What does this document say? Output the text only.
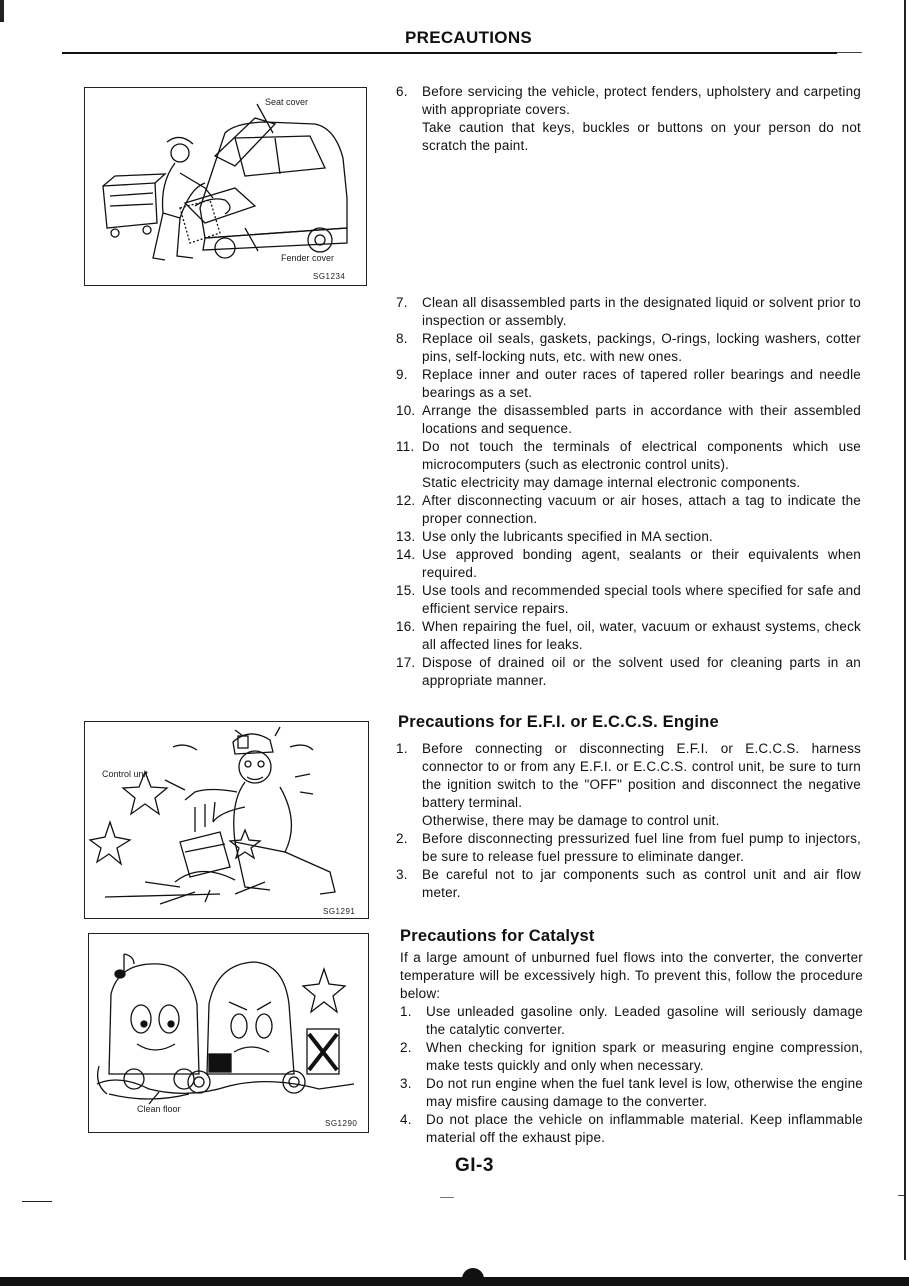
PRECAUTIONS
Seat cover
Fender cover
SG1234
6. Before servicing the vehicle, protect fenders, upholstery and carpeting with appropriate covers.

Take caution that keys, buckles or buttons on your person do not scratch the paint.

7. Clean all disassembled parts in the designated liquid or solvent prior to inspection or assembly.

8. Replace oil seals, gaskets, packings, O-rings, locking washers, cotter pins, self-locking nuts, etc. with new ones.

9. Replace inner and outer races of tapered roller bearings and needle bearings as a set.

10. Arrange the disassembled parts in accordance with their assembled locations and sequence.

11. Do not touch the terminals of electrical components which use microcomputers (such as electronic control units).

Static electricity may damage internal electronic components.

12. After disconnecting vacuum or air hoses, attach a tag to indicate the proper connection.

13. Use only the lubricants specified in MA section.

14. Use approved bonding agent, sealants or their equivalents when required.

15. Use tools and recommended special tools where specified for safe and efficient service repairs.

16. When repairing the fuel, oil, water, vacuum or exhaust systems, check all affected lines for leaks.

17. Dispose of drained oil or the solvent used for cleaning parts in an appropriate manner.

Control unit
SG1291
Clean floor
SG1290
Precautions for E.F.I. or E.C.C.S. Engine
1. Before connecting or disconnecting E.F.I. or E.C.C.S. harness connector to or from any E.F.I. or E.C.C.S. control unit, be sure to turn the ignition switch to the "OFF" position and disconnect the negative battery terminal.

Otherwise, there may be damage to control unit.

2. Before disconnecting pressurized fuel line from fuel pump to injectors, be sure to release fuel pressure to eliminate danger.

3. Be careful not to jar components such as control unit and air flow meter.

Precautions for Catalyst

If a large amount of unburned fuel flows into the converter, the converter temperature will be excessively high. To prevent this, follow the procedure below:

1. Use unleaded gasoline only. Leaded gasoline will seriously damage the catalytic converter.

2. When checking for ignition spark or measuring engine compression, make tests quickly and only when necessary.

3. Do not run engine when the fuel tank level is low, otherwise the engine may misfire causing damage to the converter.

4. Do not place the vehicle on inflammable material. Keep inflammable material off the exhaust pipe.

GI-3
